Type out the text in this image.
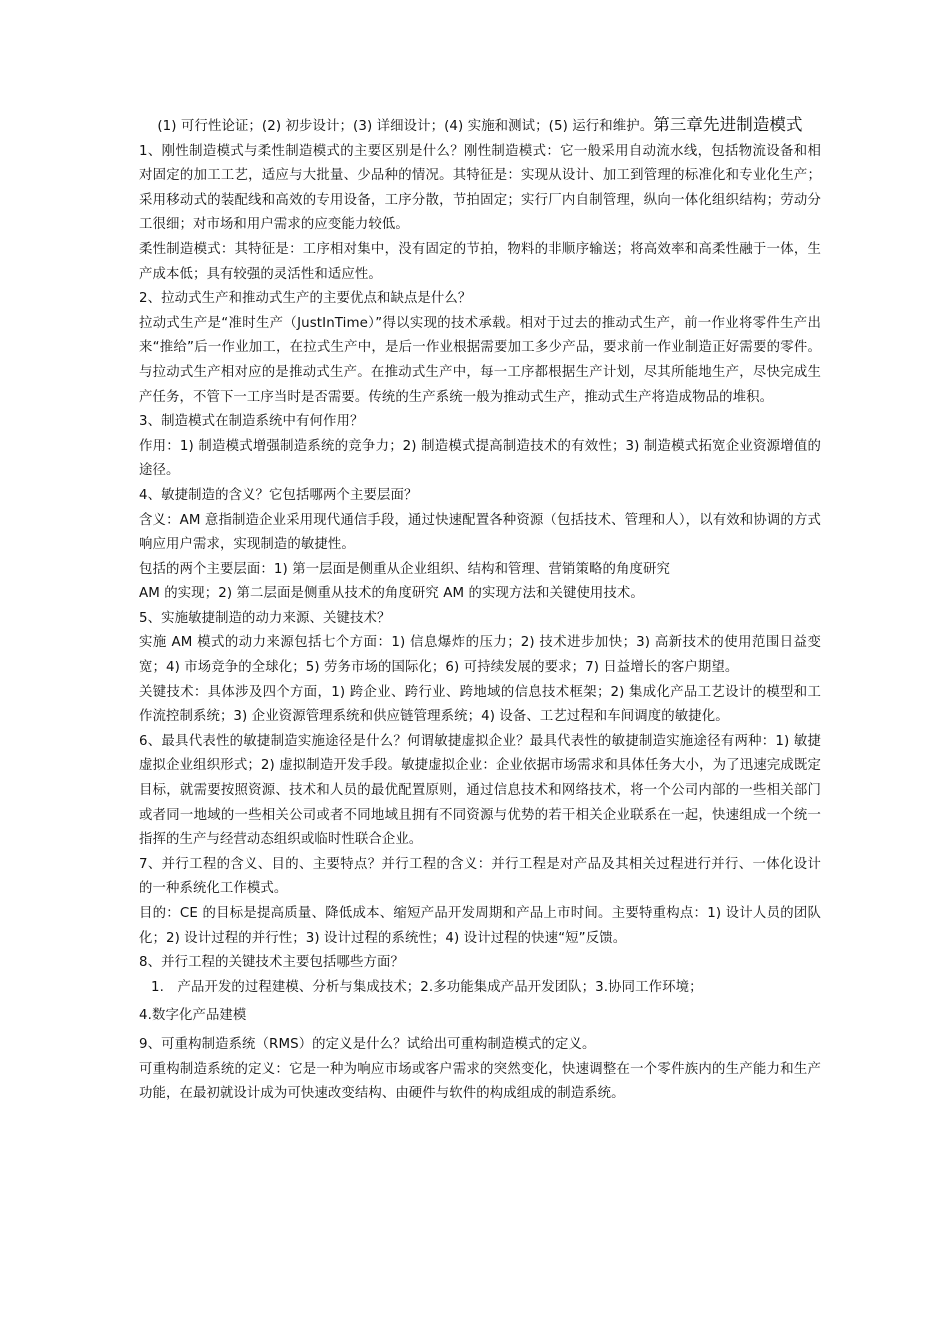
(1) 可行性论证；(2) 初步设计；(3) 详细设计；(4) 实施和测试；(5) 运行和维护。第三章先进制造模式

1、刚性制造模式与柔性制造模式的主要区别是什么？刚性制造模式：它一般采用自动流水线，包括物流设备和相对固定的加工工艺，适应与大批量、少品种的情况。其特征是：实现从设计、加工到管理的标准化和专业化生产；采用移动式的装配线和高效的专用设备，工序分散，节拍固定；实行厂内自制管理，纵向一体化组织结构；劳动分工很细；对市场和用户需求的应变能力较低。

柔性制造模式：其特征是：工序相对集中，没有固定的节拍，物料的非顺序输送；将高效率和高柔性融于一体，生产成本低；具有较强的灵活性和适应性。

2、拉动式生产和推动式生产的主要优点和缺点是什么？

拉动式生产是“准时生产（JustInTime）”得以实现的技术承载。相对于过去的推动式生产，前一作业将零件生产出来“推给”后一作业加工，在拉式生产中，是后一作业根据需要加工多少产品，要求前一作业制造正好需要的零件。与拉动式生产相对应的是推动式生产。在推动式生产中，每一工序都根据生产计划，尽其所能地生产，尽快完成生产任务，不管下一工序当时是否需要。传统的生产系统一般为推动式生产，推动式生产将造成物品的堆积。

3、制造模式在制造系统中有何作用？

作用：1) 制造模式增强制造系统的竞争力；2) 制造模式提高制造技术的有效性；3) 制造模式拓宽企业资源增值的途径。

4、敏捷制造的含义？它包括哪两个主要层面？

含义：AM 意指制造企业采用现代通信手段，通过快速配置各种资源（包括技术、管理和人），以有效和协调的方式响应用户需求，实现制造的敏捷性。

包括的两个主要层面：1) 第一层面是侧重从企业组织、结构和管理、营销策略的角度研究

AM 的实现；2) 第二层面是侧重从技术的角度研究 AM 的实现方法和关键使用技术。

5、实施敏捷制造的动力来源、关键技术？

实施 AM 模式的动力来源包括七个方面：1) 信息爆炸的压力；2) 技术进步加快；3) 高新技术的使用范围日益变宽；4) 市场竞争的全球化；5) 劳务市场的国际化；6) 可持续发展的要求；7) 日益增长的客户期望。

关键技术：具体涉及四个方面，1) 跨企业、跨行业、跨地域的信息技术框架；2) 集成化产品工艺设计的模型和工作流控制系统；3) 企业资源管理系统和供应链管理系统；4) 设备、工艺过程和车间调度的敏捷化。

6、最具代表性的敏捷制造实施途径是什么？何谓敏捷虚拟企业？最具代表性的敏捷制造实施途径有两种：1) 敏捷虚拟企业组织形式；2) 虚拟制造开发手段。敏捷虚拟企业：企业依据市场需求和具体任务大小，为了迅速完成既定目标，就需要按照资源、技术和人员的最优配置原则，通过信息技术和网络技术，将一个公司内部的一些相关部门或者同一地域的一些相关公司或者不同地域且拥有不同资源与优势的若干相关企业联系在一起，快速组成一个统一指挥的生产与经营动态组织或临时性联合企业。

7、并行工程的含义、目的、主要特点？并行工程的含义：并行工程是对产品及其相关过程进行并行、一体化设计的一种系统化工作模式。

目的：CE 的目标是提高质量、降低成本、缩短产品开发周期和产品上市时间。主要特重构点：1) 设计人员的团队化；2) 设计过程的并行性；3) 设计过程的系统性；4) 设计过程的快速“短”反馈。

8、并行工程的关键技术主要包括哪些方面？

1.　产品开发的过程建模、分析与集成技术；2.多功能集成产品开发团队；3.协同工作环境；

4.数字化产品建模

9、可重构制造系统（RMS）的定义是什么？试给出可重构制造模式的定义。

可重构制造系统的定义：它是一种为响应市场或客户需求的突然变化，快速调整在一个零件族内的生产能力和生产功能，在最初就设计成为可快速改变结构、由硬件与软件的构成组成的制造系统。
